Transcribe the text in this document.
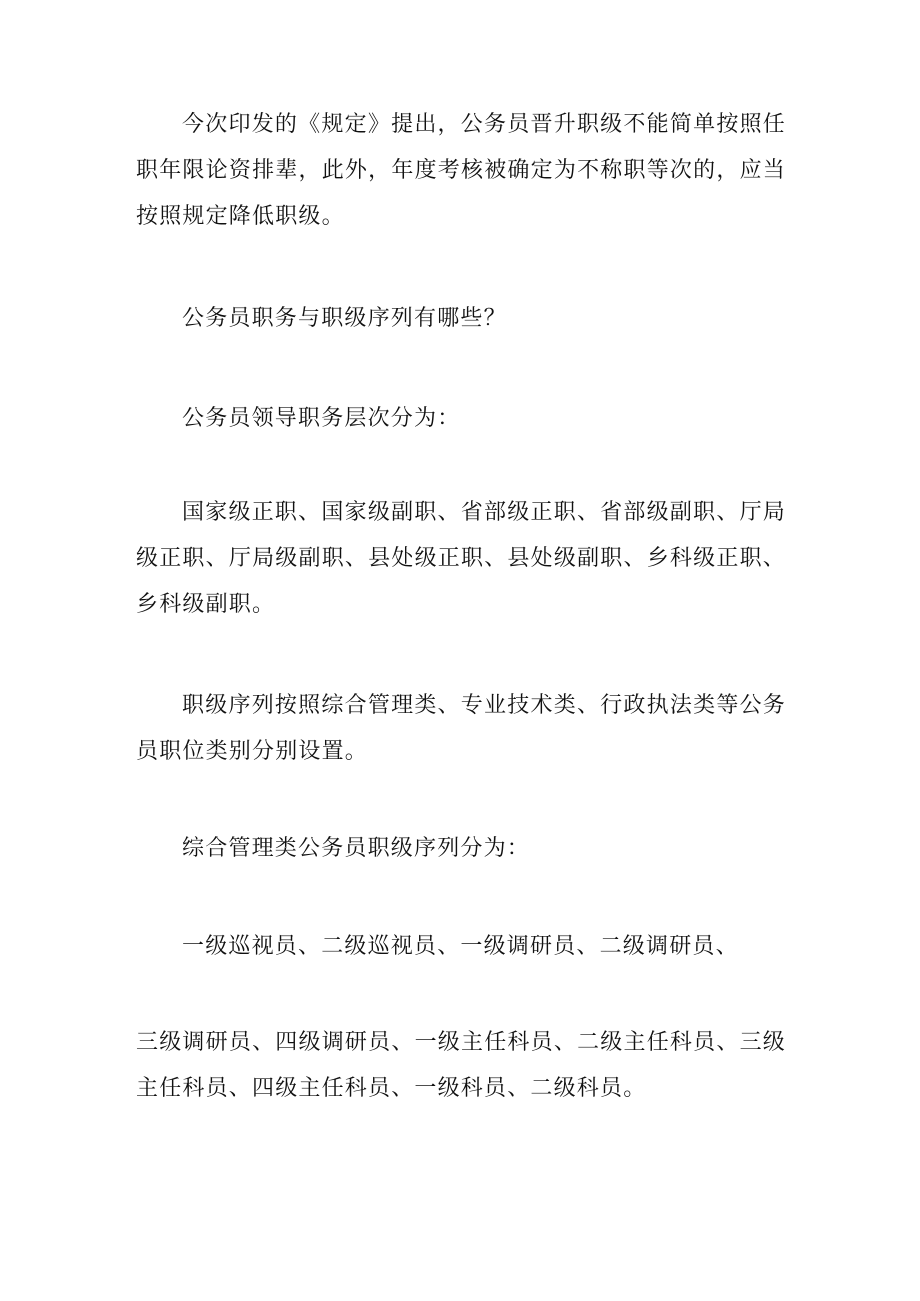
今次印发的《规定》提出，公务员晋升职级不能简单按照任职年限论资排辈，此外，年度考核被确定为不称职等次的，应当按照规定降低职级。

公务员职务与职级序列有哪些？

公务员领导职务层次分为：

国家级正职、国家级副职、省部级正职、省部级副职、厅局级正职、厅局级副职、县处级正职、县处级副职、乡科级正职、乡科级副职。

职级序列按照综合管理类、专业技术类、行政执法类等公务员职位类别分别设置。

综合管理类公务员职级序列分为：

一级巡视员、二级巡视员、一级调研员、二级调研员、

三级调研员、四级调研员、一级主任科员、二级主任科员、三级主任科员、四级主任科员、一级科员、二级科员。
